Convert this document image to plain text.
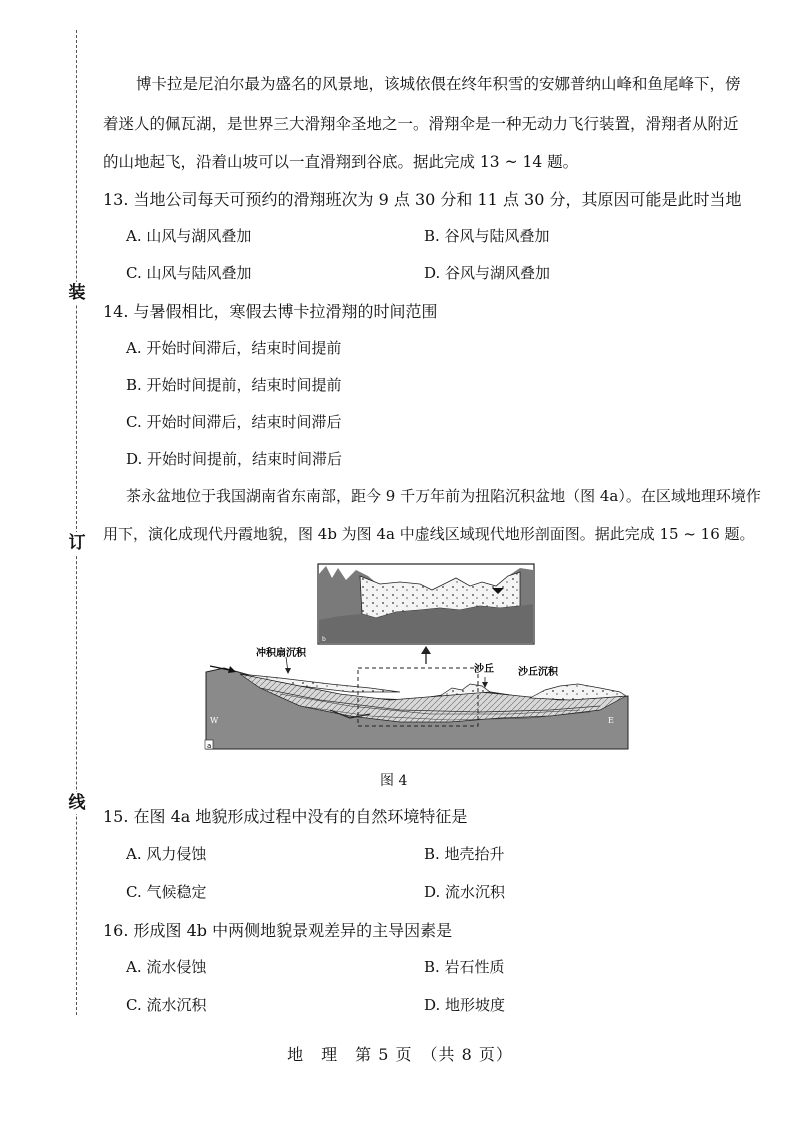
装
订
线
博卡拉是尼泊尔最为盛名的风景地，该城依偎在终年积雪的安娜普纳山峰和鱼尾峰下，傍
着迷人的佩瓦湖，是世界三大滑翔伞圣地之一。滑翔伞是一种无动力飞行装置，滑翔者从附近
的山地起飞，沿着山坡可以一直滑翔到谷底。据此完成 13 ~ 14 题。
13. 当地公司每天可预约的滑翔班次为 9 点 30 分和 11 点 30 分，其原因可能是此时当地
A. 山风与湖风叠加	B. 谷风与陆风叠加
C. 山风与陆风叠加	D. 谷风与湖风叠加
14. 与暑假相比，寒假去博卡拉滑翔的时间范围
A. 开始时间滞后，结束时间提前
B. 开始时间提前，结束时间提前
C. 开始时间滞后，结束时间滞后
D. 开始时间提前，结束时间滞后
茶永盆地位于我国湖南省东南部，距今 9 千万年前为扭陷沉积盆地（图 4a）。在区域地理环境作
用下，演化成现代丹霞地貌，图 4b 为图 4a 中虚线区域现代地形剖面图。据此完成 15 ~ 16 题。
b
W	E
a
冲积扇沉积
沙丘 沙丘沉积
图 4
15. 在图 4a 地貌形成过程中没有的自然环境特征是
A. 风力侵蚀	B. 地壳抬升
C. 气候稳定	D. 流水沉积
16. 形成图 4b 中两侧地貌景观差异的主导因素是
A. 流水侵蚀	B. 岩石性质
C. 流水沉积	D. 地形坡度
地　理　第 5 页　（共 8 页）
